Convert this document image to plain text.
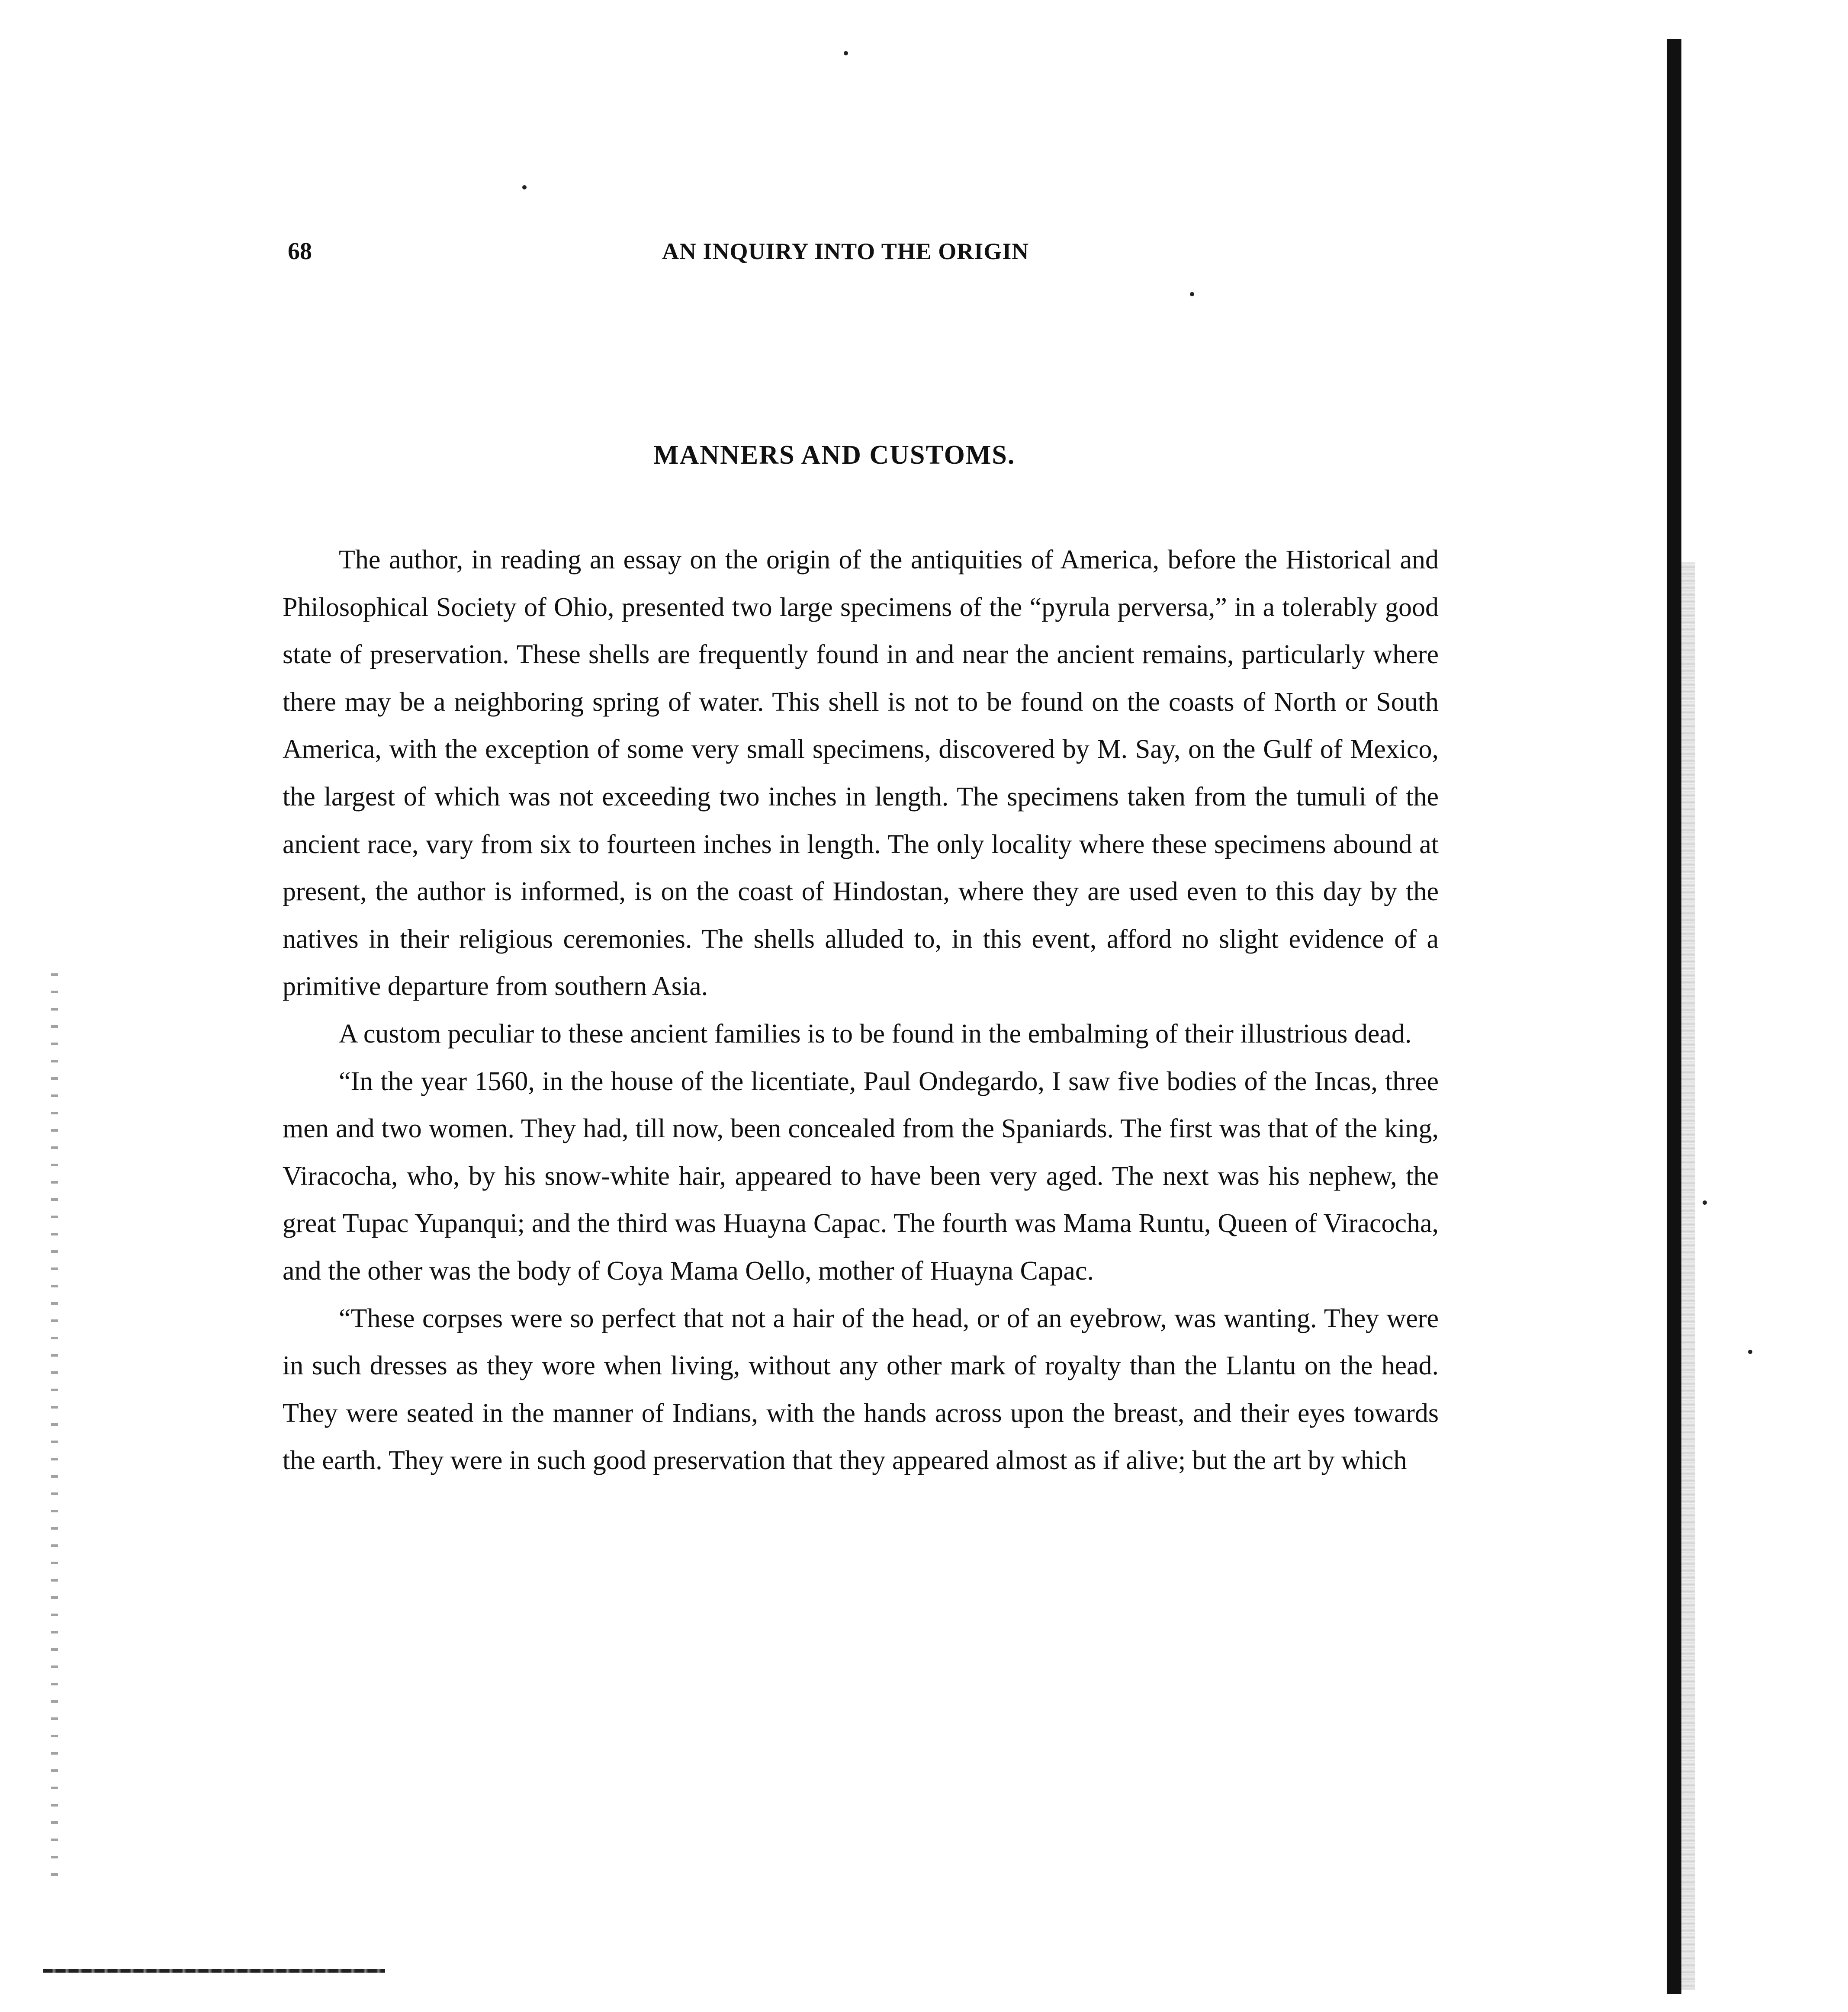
68	AN INQUIRY INTO THE ORIGIN
MANNERS AND CUSTOMS.

The author, in reading an essay on the origin of the antiquities of America, before the Historical and Philosophical Society of Ohio, presented two large specimens of the “pyrula perversa,” in a tolerably good state of preservation. These shells are frequently found in and near the ancient remains, particularly where there may be a neighboring spring of water. This shell is not to be found on the coasts of North or South America, with the exception of some very small specimens, discovered by M. Say, on the Gulf of Mexico, the largest of which was not exceeding two inches in length. The specimens taken from the tumuli of the ancient race, vary from six to fourteen inches in length. The only locality where these specimens abound at present, the author is informed, is on the coast of Hindostan, where they are used even to this day by the natives in their religious ceremonies. The shells alluded to, in this event, afford no slight evidence of a primitive departure from southern Asia.

A custom peculiar to these ancient families is to be found in the embalming of their illustrious dead.

“In the year 1560, in the house of the licentiate, Paul Ondegardo, I saw five bodies of the Incas, three men and two women. They had, till now, been concealed from the Spaniards. The first was that of the king, Viracocha, who, by his snow-white hair, appeared to have been very aged. The next was his nephew, the great Tupac Yupanqui; and the third was Huayna Capac. The fourth was Mama Runtu, Queen of Viracocha, and the other was the body of Coya Mama Oello, mother of Huayna Capac.

“These corpses were so perfect that not a hair of the head, or of an eyebrow, was wanting. They were in such dresses as they wore when living, without any other mark of royalty than the Llantu on the head. They were seated in the manner of Indians, with the hands across upon the breast, and their eyes towards the earth. They were in such good preservation that they appeared almost as if alive; but the art by which
